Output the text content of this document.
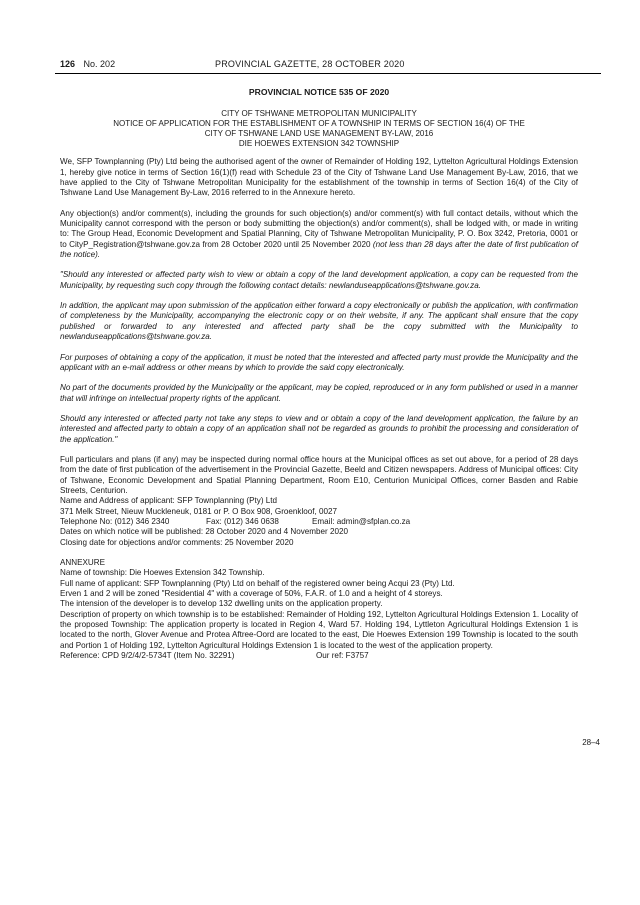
126 No. 202	PROVINCIAL GAZETTE, 28 OCTOBER 2020
PROVINCIAL NOTICE 535 OF 2020
CITY OF TSHWANE METROPOLITAN MUNICIPALITY
NOTICE OF APPLICATION FOR THE ESTABLISHMENT OF A TOWNSHIP IN TERMS OF SECTION 16(4) OF THE
CITY OF TSHWANE LAND USE MANAGEMENT BY-LAW, 2016
DIE HOEWES EXTENSION 342 TOWNSHIP

We, SFP Townplanning (Pty) Ltd being the authorised agent of the owner of Remainder of Holding 192, Lyttelton Agricultural Holdings Extension 1, hereby give notice in terms of Section 16(1)(f) read with Schedule 23 of the City of Tshwane Land Use Management By-Law, 2016, that we have applied to the City of Tshwane Metropolitan Municipality for the establishment of the township in terms of Section 16(4) of the City of Tshwane Land Use Management By-Law, 2016 referred to in the Annexure hereto.

Any objection(s) and/or comment(s), including the grounds for such objection(s) and/or comment(s) with full contact details, without which the Municipality cannot correspond with the person or body submitting the objection(s) and/or comment(s), shall be lodged with, or made in writing to: The Group Head, Economic Development and Spatial Planning, City of Tshwane Metropolitan Municipality, P. O. Box 3242, Pretoria, 0001 or to CityP_Registration@tshwane.gov.za from 28 October 2020 until 25 November 2020 (not less than 28 days after the date of first publication of the notice).

"Should any interested or affected party wish to view or obtain a copy of the land development application, a copy can be requested from the Municipality, by requesting such copy through the following contact details: newlanduseapplications@tshwane.gov.za.

In addition, the applicant may upon submission of the application either forward a copy electronically or publish the application, with confirmation of completeness by the Municipality, accompanying the electronic copy or on their website, if any. The applicant shall ensure that the copy published or forwarded to any interested and affected party shall be the copy submitted with the Municipality to newlanduseapplications@tshwane.gov.za.

For purposes of obtaining a copy of the application, it must be noted that the interested and affected party must provide the Municipality and the applicant with an e-mail address or other means by which to provide the said copy electronically.

No part of the documents provided by the Municipality or the applicant, may be copied, reproduced or in any form published or used in a manner that will infringe on intellectual property rights of the applicant.

Should any interested or affected party not take any steps to view and or obtain a copy of the land development application, the failure by an interested and affected party to obtain a copy of an application shall not be regarded as grounds to prohibit the processing and consideration of the application."

Full particulars and plans (if any) may be inspected during normal office hours at the Municipal offices as set out above, for a period of 28 days from the date of first publication of the advertisement in the Provincial Gazette, Beeld and Citizen newspapers. Address of Municipal offices: City of Tshwane, Economic Development and Spatial Planning Department, Room E10, Centurion Municipal Offices, corner Basden and Rabie Streets, Centurion.
Name and Address of applicant: SFP Townplanning (Pty) Ltd
371 Melk Street, Nieuw Muckleneuk, 0181 or P. O Box 908, Groenkloof, 0027
Telephone No: (012) 346 2340	Fax: (012) 346 0638	Email: admin@sfplan.co.za
Dates on which notice will be published: 28 October 2020 and 4 November 2020
Closing date for objections and/or comments: 25 November 2020
ANNEXURE
Name of township: Die Hoewes Extension 342 Township.
Full name of applicant: SFP Townplanning (Pty) Ltd on behalf of the registered owner being Acqui 23 (Pty) Ltd.
Erven 1 and 2 will be zoned "Residential 4" with a coverage of 50%, F.A.R. of 1.0 and a height of 4 storeys.
The intension of the developer is to develop 132 dwelling units on the application property.
Description of property on which township is to be established: Remainder of Holding 192, Lyttelton Agricultural Holdings Extension 1. Locality of the proposed Township: The application property is located in Region 4, Ward 57. Holding 194, Lyttleton Agricultural Holdings Extension 1 is located to the north, Glover Avenue and Protea Aftree-Oord are located to the east, Die Hoewes Extension 199 Township is located to the south and Portion 1 of Holding 192, Lyttelton Agricultural Holdings Extension 1 is located to the west of the application property.
Reference: CPD 9/2/4/2-5734T (Item No. 32291)	Our ref: F3757
28–4
